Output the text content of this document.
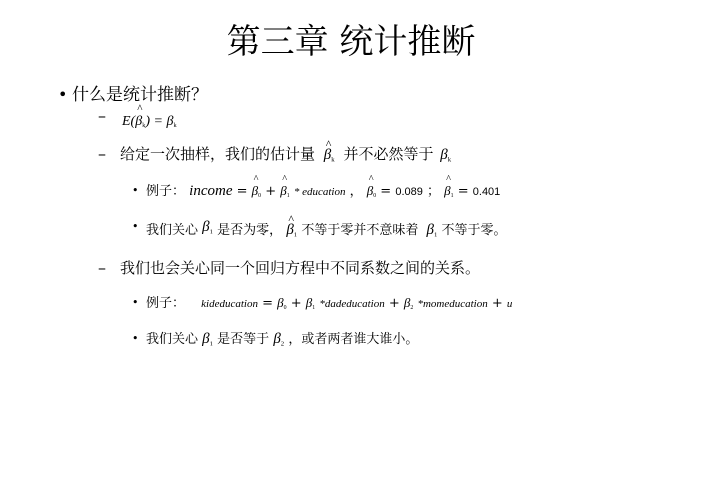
第三章 统计推断
• 什么是统计推断？
– E(β
^
$_k) = \beta_k$
– 给定一次抽样，我们的估计量 β
^
$_k$ 并不必然等于 $\beta_k$
• 例子： income = β
^
$_0$ + β
^
$_1$ * education ， β
^
$_0$ = 0.089 ； β
^
$_1$ = 0.401
• 我们关心 $\beta_1$ 是否为零， β
^
$_1$ 不等于零并不意味着 $\beta_1$ 不等于零。
– 我们也会关心同一个回归方程中不同系数之间的关系。
• 例子： kideducation = $\beta_0 + \beta_1$ *dadeducation + $\beta_2$ *momeducation + u
• 我们关心 $\beta_1$ 是否等于 $\beta_2$ ，或者两者谁大谁小。
